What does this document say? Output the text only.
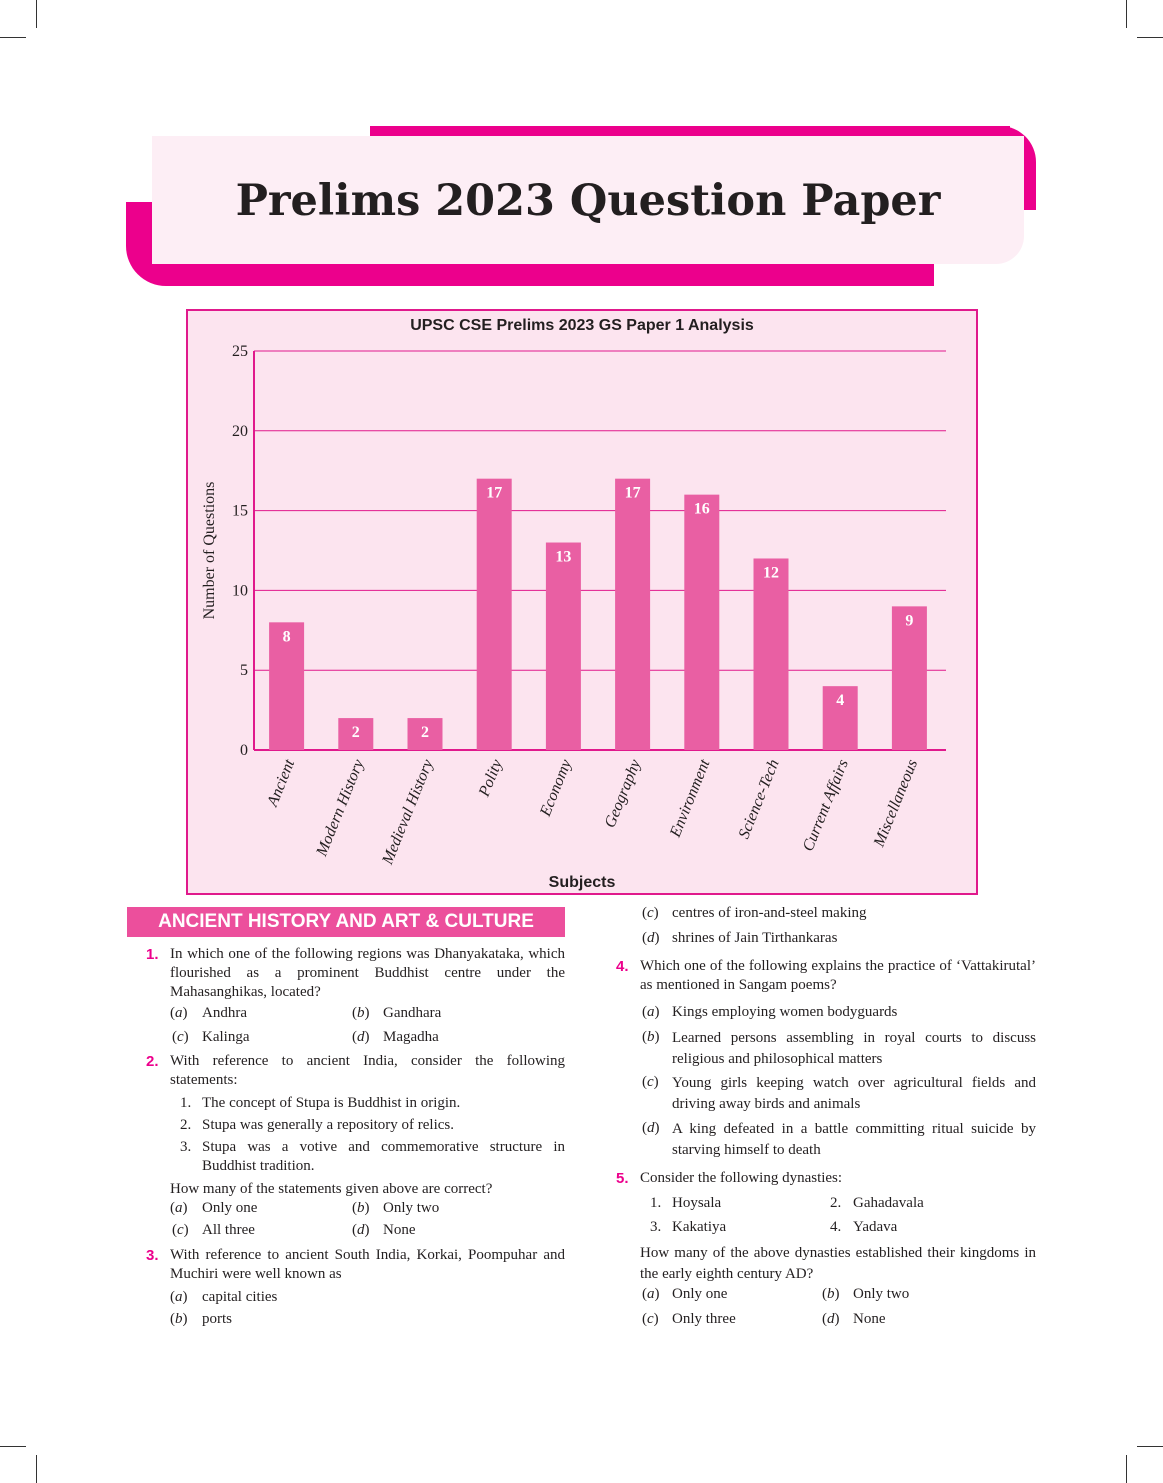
Prelims 2023 Question Paper
UPSC CSE Prelims 2023 GS Paper 1 Analysis
0
5
10
15
20
25
8
Ancient
2
Modern History
2
Medieval History
17
Polity
13
Economy
17
Geography
16
Environment
12
Science-Tech
4
Current Affairs
9
Miscellaneous
Number of Questions
Subjects
ANCIENT HISTORY AND ART & CULTURE
1. In which one of the following regions was Dhanyakataka, which flourished as a prominent Buddhist centre under the Mahasanghikas, located?
(a) Andhra	(b) Gandhara
(c) Kalinga	(d) Magadha
2. With reference to ancient India, consider the following statements:
1. The concept of Stupa is Buddhist in origin.
2. Stupa was generally a repository of relics.
3. Stupa was a votive and commemorative structure in Buddhist tradition.
How many of the statements given above are correct?
(a) Only one	(b) Only two
(c) All three	(d) None
3. With reference to ancient South India, Korkai, Poompuhar and Muchiri were well known as
(a) capital cities
(b) ports
(c) centres of iron-and-steel making
(d) shrines of Jain Tirthankaras
4. Which one of the following explains the practice of ‘Vattakirutal’ as mentioned in Sangam poems?
(a) Kings employing women bodyguards
(b) Learned persons assembling in royal courts to discuss religious and philosophical matters
(c) Young girls keeping watch over agricultural fields and driving away birds and animals
(d) A king defeated in a battle committing ritual suicide by starving himself to death
5. Consider the following dynasties:
1. Hoysala	2. Gahadavala
3. Kakatiya	4. Yadava
How many of the above dynasties established their kingdoms in the early eighth century AD?
(a) Only one	(b) Only two
(c) Only three	(d) None
